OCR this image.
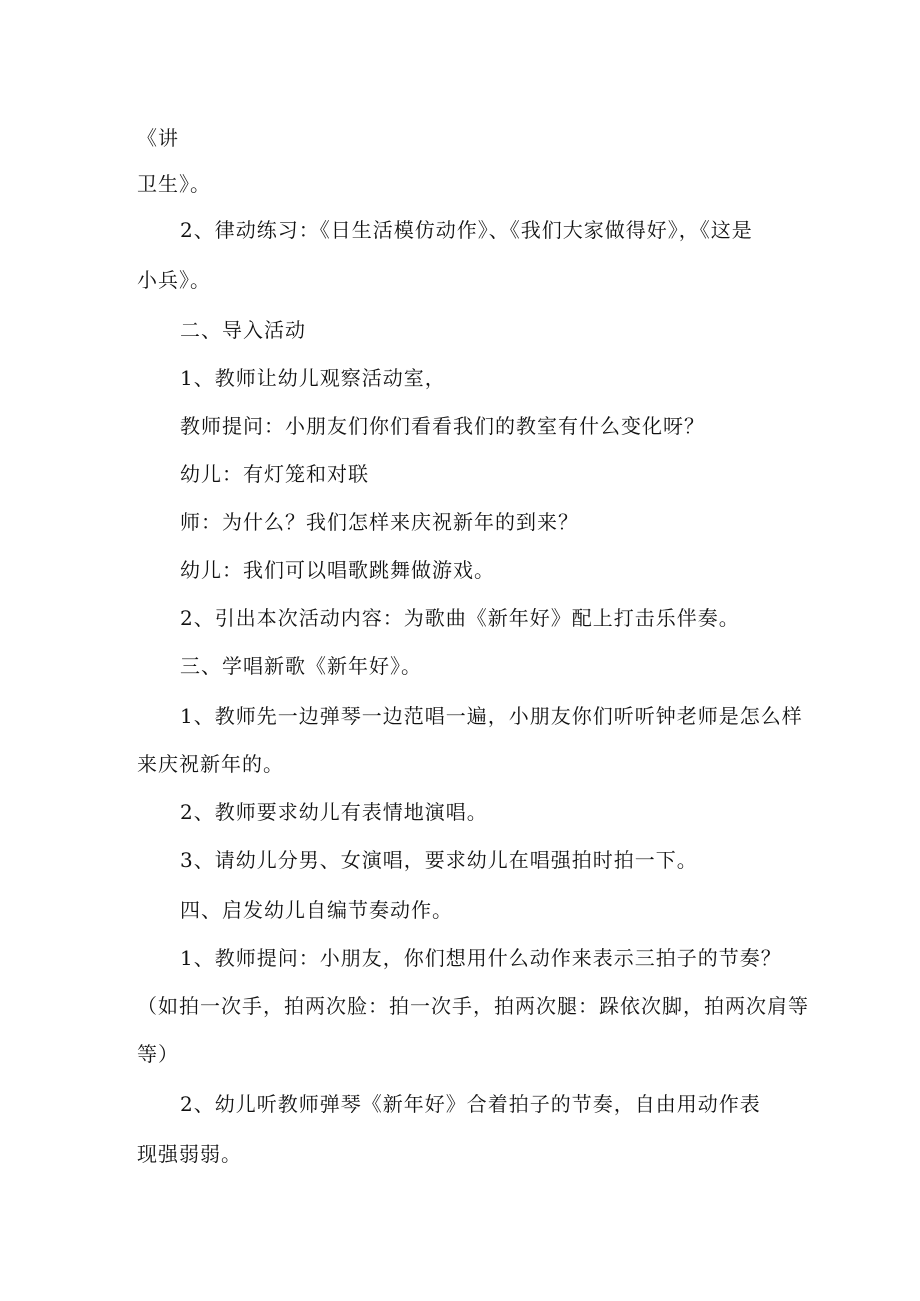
《讲
卫生》。
2、律动练习：《日生活模仿动作》、《我们大家做得好》，《这是
小兵》。
二、导入活动
1、教师让幼儿观察活动室，
教师提问：小朋友们你们看看我们的教室有什么变化呀？
幼儿：有灯笼和对联
师：为什么？我们怎样来庆祝新年的到来？
幼儿：我们可以唱歌跳舞做游戏。
2、引出本次活动内容：为歌曲《新年好》配上打击乐伴奏。
三、学唱新歌《新年好》。
1、教师先一边弹琴一边范唱一遍，小朋友你们听听钟老师是怎么样
来庆祝新年的。
2、教师要求幼儿有表情地演唱。
3、请幼儿分男、女演唱，要求幼儿在唱强拍时拍一下。
四、启发幼儿自编节奏动作。
1、教师提问：小朋友，你们想用什么动作来表示三拍子的节奏？
（如拍一次手，拍两次脸：拍一次手，拍两次腿：跺依次脚，拍两次肩等
等）
2、幼儿听教师弹琴《新年好》合着拍子的节奏，自由用动作表
现强弱弱。
